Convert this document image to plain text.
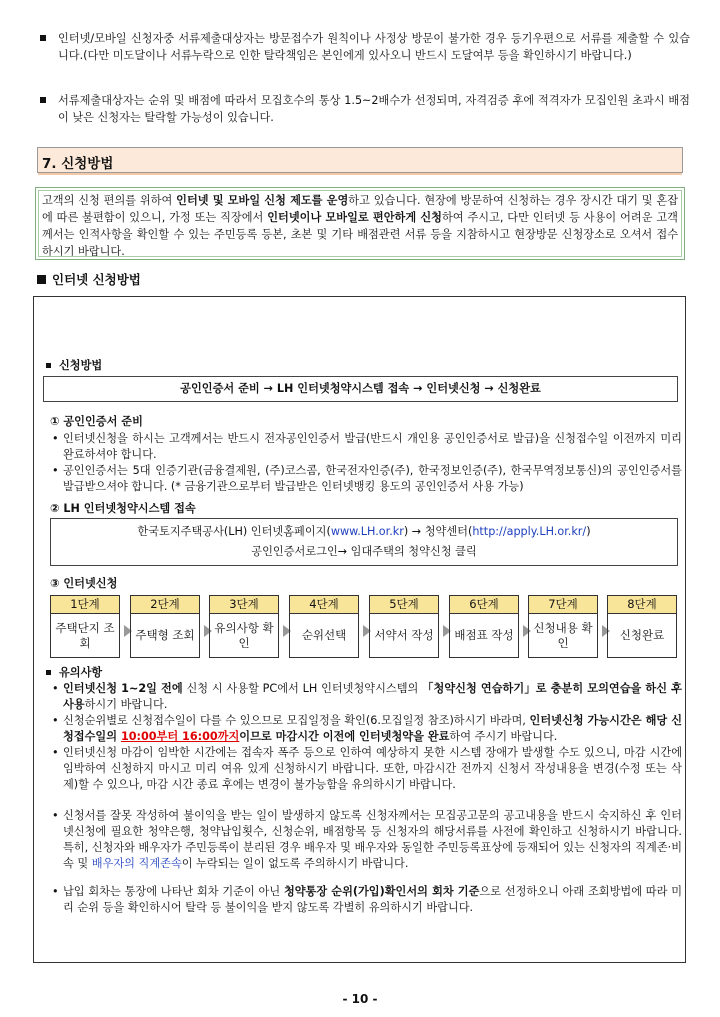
인터넷/모바일 신청자중 서류제출대상자는 방문접수가 원칙이나 사정상 방문이 불가한 경우 등기우편으로 서류를 제출할 수 있습니다.(다만 미도달이나 서류누락으로 인한 탈락책임은 본인에게 있사오니 반드시 도달여부 등을 확인하시기 바랍니다.)
서류제출대상자는 순위 및 배점에 따라서 모집호수의 통상 1.5~2배수가 선정되며, 자격검증 후에 적격자가 모집인원 초과시 배점이 낮은 신청자는 탈락할 가능성이 있습니다.
7. 신청방법
고객의 신청 편의를 위하여 인터넷 및 모바일 신청 제도를 운영하고 있습니다. 현장에 방문하여 신청하는 경우 장시간 대기 및 혼잡에 따른 불편함이 있으니, 가정 또는 직장에서 인터넷이나 모바일로 편안하게 신청하여 주시고, 다만 인터넷 등 사용이 어려운 고객께서는 인적사항을 확인할 수 있는 주민등록 등본, 초본 및 기타 배점관련 서류 등을 지참하시고 현장방문 신청장소로 오셔서 접수하시기 바랍니다.
인터넷 신청방법
신청방법
공인인증서 준비 → LH 인터넷청약시스템 접속 → 인터넷신청 → 신청완료
① 공인인증서 준비
• 인터넷신청을 하시는 고객께서는 반드시 전자공인인증서 발급(반드시 개인용 공인인증서로 발급)을 신청접수일 이전까지 미리 완료하셔야 합니다.
• 공인인증서는 5대 인증기관(금융결제원, (주)코스콤, 한국전자인증(주), 한국정보인증(주), 한국무역정보통신)의 공인인증서를 발급받으셔야 합니다. (* 금융기관으로부터 발급받은 인터넷뱅킹 용도의 공인인증서 사용 가능)
② LH 인터넷청약시스템 접속
한국토지주택공사(LH) 인터넷홈페이지(www.LH.or.kr) → 청약센터(http://apply.LH.or.kr/)
공인인증서로그인→ 임대주택의 청약신청 클릭
③ 인터넷신청
1단계
주택단지 조회
2단계
주택형 조회
3단계
유의사항 확인
4단계
순위선택
5단계
서약서 작성
6단계
배점표 작성
7단계
신청내용 확인
8단계
신청완료
유의사항
• 인터넷신청 1~2일 전에 신청 시 사용할 PC에서 LH 인터넷청약시스템의 「청약신청 연습하기」로 충분히 모의연습을 하신 후 사용하시기 바랍니다.
• 신청순위별로 신청접수일이 다를 수 있으므로 모집일정을 확인(6.모집일정 참조)하시기 바라며, 인터넷신청 가능시간은 해당 신청접수일의 10:00부터 16:00까지이므로 마감시간 이전에 인터넷청약을 완료하여 주시기 바랍니다.
• 인터넷신청 마감이 임박한 시간에는 접속자 폭주 등으로 인하여 예상하지 못한 시스템 장애가 발생할 수도 있으니, 마감 시간에 임박하여 신청하지 마시고 미리 여유 있게 신청하시기 바랍니다. 또한, 마감시간 전까지 신청서 작성내용을 변경(수정 또는 삭제)할 수 있으나, 마감 시간 종료 후에는 변경이 불가능함을 유의하시기 바랍니다.
• 신청서를 잘못 작성하여 불이익을 받는 일이 발생하지 않도록 신청자께서는 모집공고문의 공고내용을 반드시 숙지하신 후 인터넷신청에 필요한 청약은행, 청약납입횟수, 신청순위, 배점항목 등 신청자의 해당서류를 사전에 확인하고 신청하시기 바랍니다. 특히, 신청자와 배우자가 주민등록이 분리된 경우 배우자 및 배우자와 동일한 주민등록표상에 등재되어 있는 신청자의 직계존·비속 및 배우자의 직계존속이 누락되는 일이 없도록 주의하시기 바랍니다.
• 납입 회차는 통장에 나타난 회차 기준이 아닌 청약통장 순위(가입)확인서의 회차 기준으로 선정하오니 아래 조회방법에 따라 미리 순위 등을 확인하시어 탈락 등 불이익을 받지 않도록 각별히 유의하시기 바랍니다.
- 10 -
